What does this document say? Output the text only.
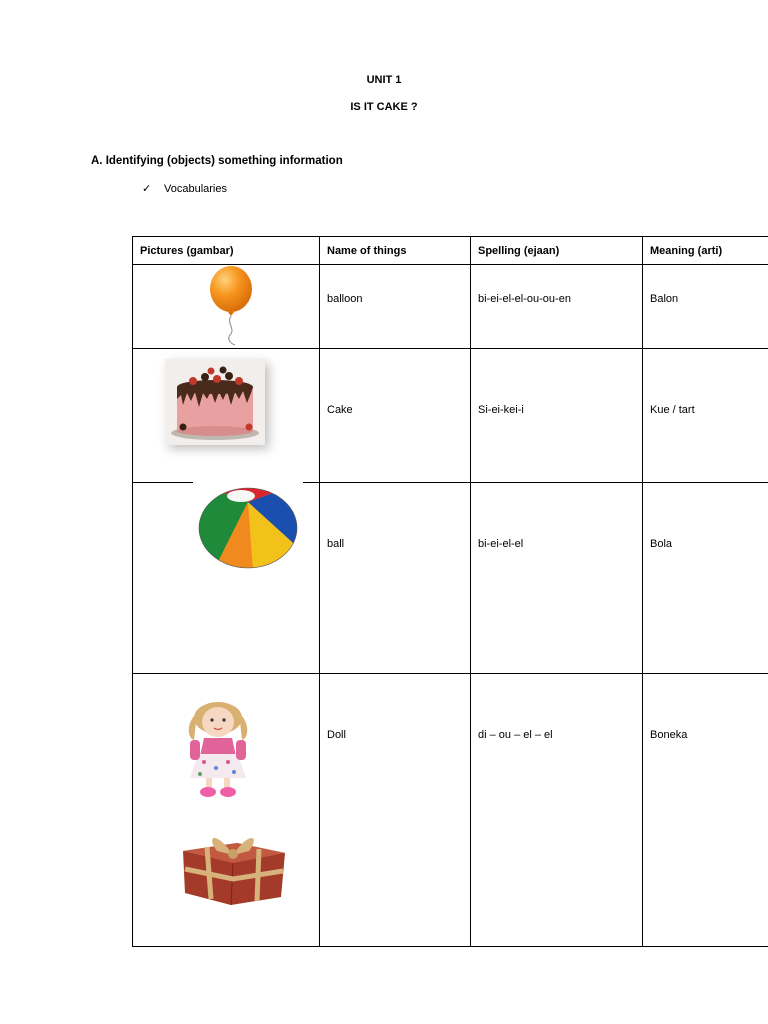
UNIT 1
IS IT CAKE ?
A. Identifying (objects) something information
✓ Vocabularies
Pictures (gambar)	Name of things	Spelling (ejaan)	Meaning (arti)

balloon	bi-ei-el-el-ou-ou-en	Balon

Cake	Si-ei-kei-i	Kue / tart

ball	bi-ei-el-el	Bola

Doll	di – ou – el – el	Boneka
